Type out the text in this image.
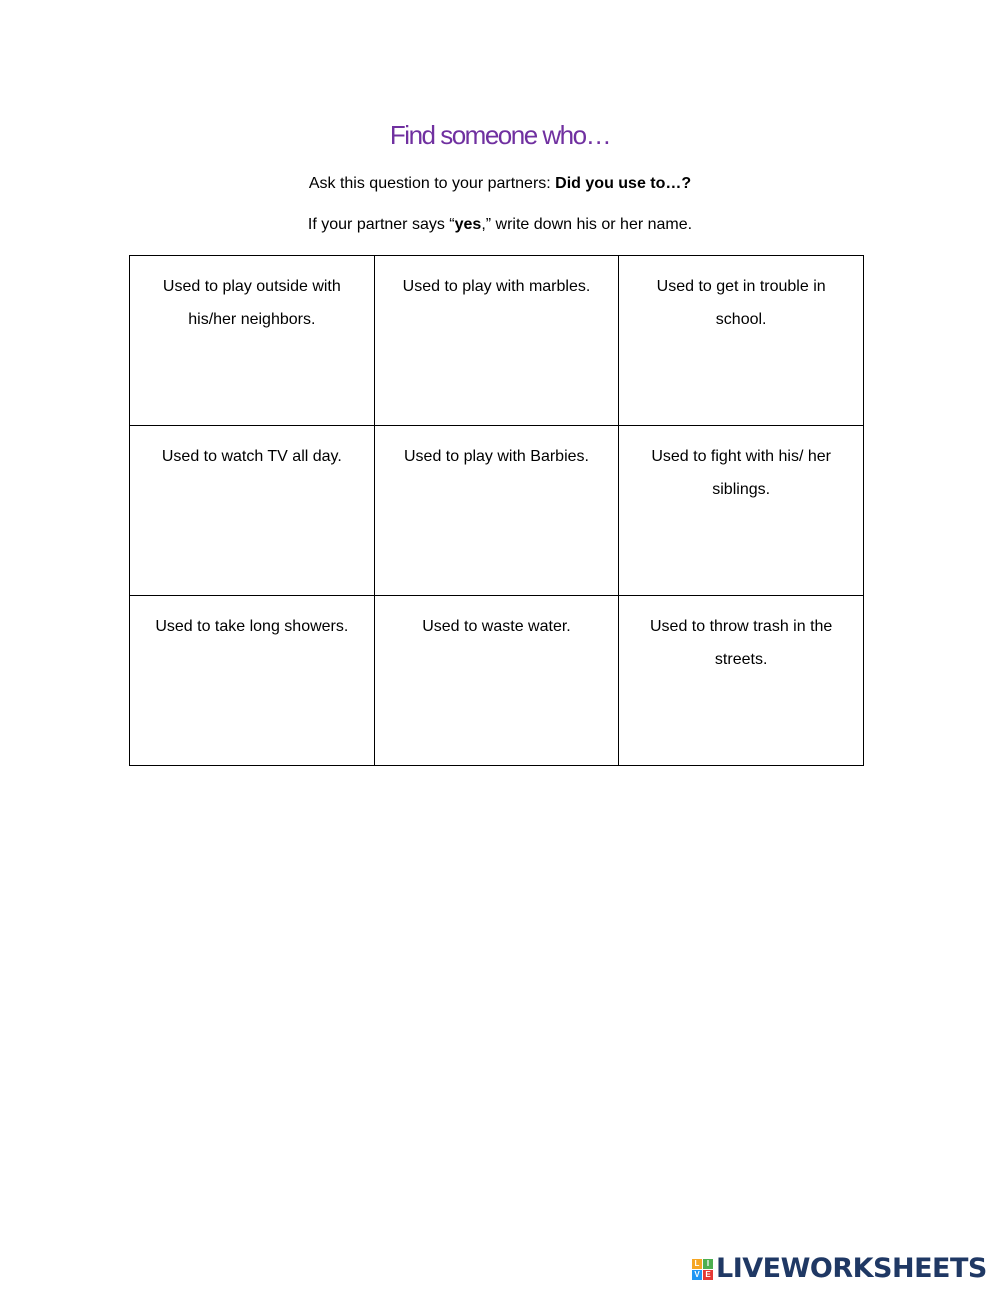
Find someone who…

Ask this question to your partners: Did you use to…?

If your partner says “yes,” write down his or her name.

Used to play outside with
his/her neighbors.	Used to play with marbles.	Used to get in trouble in
school.

Used to watch TV all day.	Used to play with Barbies.	Used to fight with his/ her
siblings.

Used to take long showers.	Used to waste water.	Used to throw trash in the
streets.
L I
V E LIVEWORKSHEETS
